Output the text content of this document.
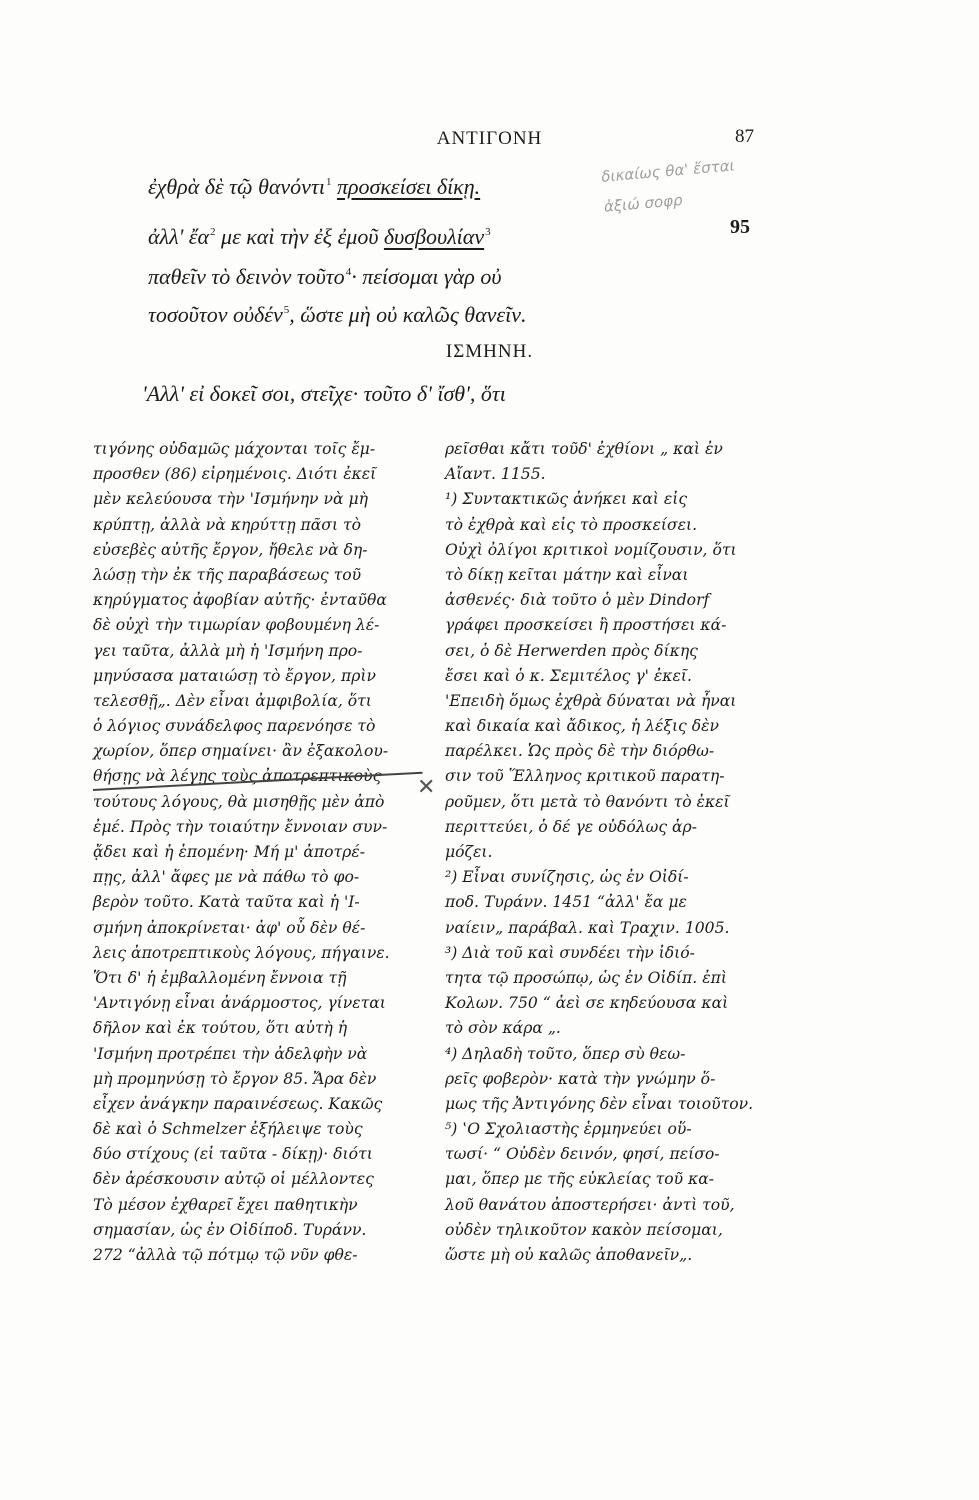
ΑΝΤΙΓΟΝΗ	87
δικαίως θα' ἔσται
ἀξιώ σοφρ
ἐχθρὰ δὲ τῷ θανόντι$^1$ προσκείσει δίκῃ.
ἀλλ' ἔα$^2$ με καὶ τὴν ἐξ ἐμοῦ δυσβουλίαν$^3$	95
παθεῖν τὸ δεινὸν τοῦτο$^4$· πείσομαι γὰρ οὐ
τοσοῦτον οὐδέν$^5$, ὥστε μὴ οὐ καλῶς θανεῖν.
ΙΣΜΗΝΗ.
'Αλλ' εἰ δοκεῖ σοι, στεῖχε· τοῦτο δ' ἴσθ', ὅτι
τιγόνης οὐδαμῶς μάχονται τοῖς ἔμ-
προσθεν (86) εἰρημένοις. Διότι ἐκεῖ
μὲν κελεύουσα τὴν 'Ισμήνην νὰ μὴ
κρύπτῃ, ἀλλὰ νὰ κηρύττῃ πᾶσι τὸ
εὐσεβὲς αὐτῆς ἔργον, ἤθελε νὰ δη-
λώσῃ τὴν ἐκ τῆς παραβάσεως τοῦ
κηρύγματος ἀφοβίαν αὐτῆς· ἐνταῦθα
δὲ οὐχὶ τὴν τιμωρίαν φοβουμένη λέ-
γει ταῦτα, ἀλλὰ μὴ ἡ 'Ισμήνη προ-
μηνύσασα ματαιώσῃ τὸ ἔργον, πρὶν
τελεσθῇ„. Δὲν εἶναι ἀμφιβολία, ὅτι
ὁ λόγιος συνάδελφος παρενόησε τὸ
χωρίον, ὅπερ σημαίνει· ἂν ἐξακολου-
θήσῃς νὰ λέγῃς τοὺς ἀποτρεπτικοὺς
τούτους λόγους, θὰ μισηθῇς μὲν ἀπὸ
ἐμέ. Πρὸς τὴν τοιαύτην ἔννοιαν συν-
ᾄδει καὶ ἡ ἑπομένη· Μή μ' ἀποτρέ-
πῃς, ἀλλ' ἄφες με νὰ πάθω τὸ φο-
βερὸν τοῦτο. Κατὰ ταῦτα καὶ ἡ 'Ι-
σμήνη ἀποκρίνεται· ἀφ' οὗ δὲν θέ-
λεις ἀποτρεπτικοὺς λόγους, πήγαινε.
Ὅτι δ' ἡ ἐμβαλλομένη ἔννοια τῇ
'Αντιγόνῃ εἶναι ἀνάρμοστος, γίνεται
δῆλον καὶ ἐκ τούτου, ὅτι αὐτὴ ἡ
'Ισμήνη προτρέπει τὴν ἀδελφὴν νὰ
μὴ προμηνύσῃ τὸ ἔργον 85. Ἄρα δὲν
εἶχεν ἀνάγκην παραινέσεως. Κακῶς
δὲ καὶ ὁ Schmelzer ἐξήλειψε τοὺς
δύο στίχους (εἰ ταῦτα - δίκῃ)· διότι
δὲν ἀρέσκουσιν αὐτῷ οἱ μέλλοντες
Τὸ μέσον ἐχθαρεῖ ἔχει παθητικὴν
σημασίαν, ὡς ἐν Οἰδίποδ. Τυράνν.
272 “ἀλλὰ τῷ πότμῳ τῷ νῦν φθε-
ρεῖσθαι κἄτι τοῦδ' ἐχθίονι „ καὶ ἐν
Αἴαντ. 1155.
¹) Συντακτικῶς ἀνήκει καὶ εἰς
τὸ ἐχθρὰ καὶ εἰς τὸ προσκείσει.
Οὐχὶ ὀλίγοι κριτικοὶ νομίζουσιν, ὅτι
τὸ δίκῃ κεῖται μάτην καὶ εἶναι
ἀσθενές· διὰ τοῦτο ὁ μὲν Dindorf
γράφει προσκείσει ἢ προστήσει κά-
σει, ὁ δὲ Herwerden πρὸς δίκης
ἔσει καὶ ὁ κ. Σεμιτέλος γ' ἐκεῖ.
'Επειδὴ ὅμως ἐχθρὰ δύναται νὰ ἦναι
καὶ δικαία καὶ ἄδικος, ἡ λέξις δὲν
παρέλκει. Ὡς πρὸς δὲ τὴν διόρθω-
σιν τοῦ Ἕλληνος κριτικοῦ παρατη-
ροῦμεν, ὅτι μετὰ τὸ θανόντι τὸ ἐκεῖ
περιττεύει, ὁ δέ γε οὐδόλως ἁρ-
μόζει.
²) Εἶναι συνίζησις, ὡς ἐν Οἰδί-
ποδ. Τυράνν. 1451 “ἀλλ' ἔα με
ναίειν„ παράβαλ. καὶ Τραχιν. 1005.
³) Διὰ τοῦ καὶ συνδέει τὴν ἰδιό-
τητα τῷ προσώπῳ, ὡς ἐν Οἰδίπ. ἐπὶ
Κολων. 750 “ ἀεὶ σε κηδεύουσα καὶ
τὸ σὸν κάρα „.
⁴) Δηλαδὴ τοῦτο, ὅπερ σὺ θεω-
ρεῖς φοβερὸν· κατὰ τὴν γνώμην ὅ-
μως τῆς Ἀντιγόνης δὲν εἶναι τοιοῦτον.
⁵) ‛Ο Σχολιαστὴς ἑρμηνεύει οὕ-
τωσί· “ Οὐδὲν δεινόν, φησί, πείσο-
μαι, ὅπερ με τῆς εὐκλείας τοῦ κα-
λοῦ θανάτου ἀποστερήσει· ἀντὶ τοῦ,
οὐδὲν τηλικοῦτον κακὸν πείσομαι,
ὥστε μὴ οὐ καλῶς ἀποθανεῖν„.
✕
